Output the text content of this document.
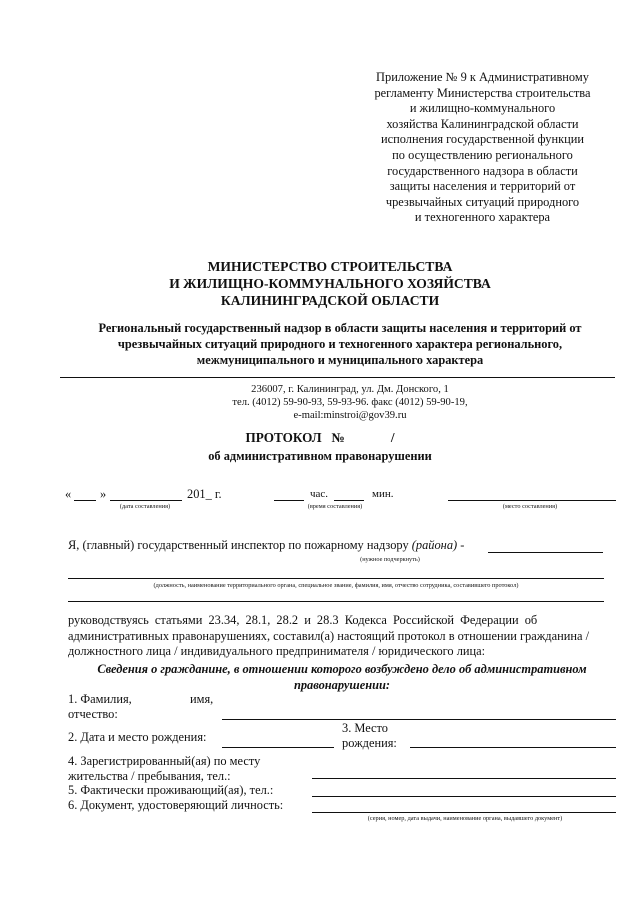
Приложение № 9 к Административному
регламенту Министерства строительства
и жилищно-коммунального
хозяйства Калининградской области
исполнения государственной функции
по осуществлению регионального
государственного надзора в области
защиты населения и территорий от
чрезвычайных ситуаций природного
и техногенного характера
МИНИСТЕРСТВО СТРОИТЕЛЬСТВА
И ЖИЛИЩНО-КОММУНАЛЬНОГО ХОЗЯЙСТВА
КАЛИНИНГРАДСКОЙ ОБЛАСТИ
Региональный государственный надзор в области защиты населения и территорий от
чрезвычайных ситуаций природного и техногенного характера регионального,
межмуниципального и муниципального характера
236007, г. Калининград, ул. Дм. Донского, 1
тел. (4012) 59-90-93, 59-93-96. факс (4012) 59-90-19,
e-mail:minstroi@gov39.ru
ПРОТОКОЛ   №              /
об административном правонарушении
« »	201_ г.
(дата составления)
час.	мин.
(время составления)	(место составления)
Я, (главный) государственный инспектор по пожарному надзору (района) -
(нужное подчеркнуть)
(должность, наименование территориального органа, специальное звание, фамилия, имя, отчество сотрудника, составившего протокол)
руководствуясь статьями 23.34, 28.1, 28.2 и 28.3 Кодекса Российской Федерации об
административных правонарушениях, составил(а) настоящий протокол в отношении гражданина /
должностного лица / индивидуального предпринимателя / юридического лица:
Сведения о гражданине, в отношении которого возбуждено дело об административном
правонарушении:
1. Фамилия,	имя,
отчество:
2. Дата и место рождения:
3. Место
рождения:
4. Зарегистрированный(ая) по месту
жительства / пребывания, тел.:
5. Фактически проживающий(ая), тел.:
6. Документ, удостоверяющий личность:
(серия, номер, дата выдачи, наименование органа, выдавшего документ)
